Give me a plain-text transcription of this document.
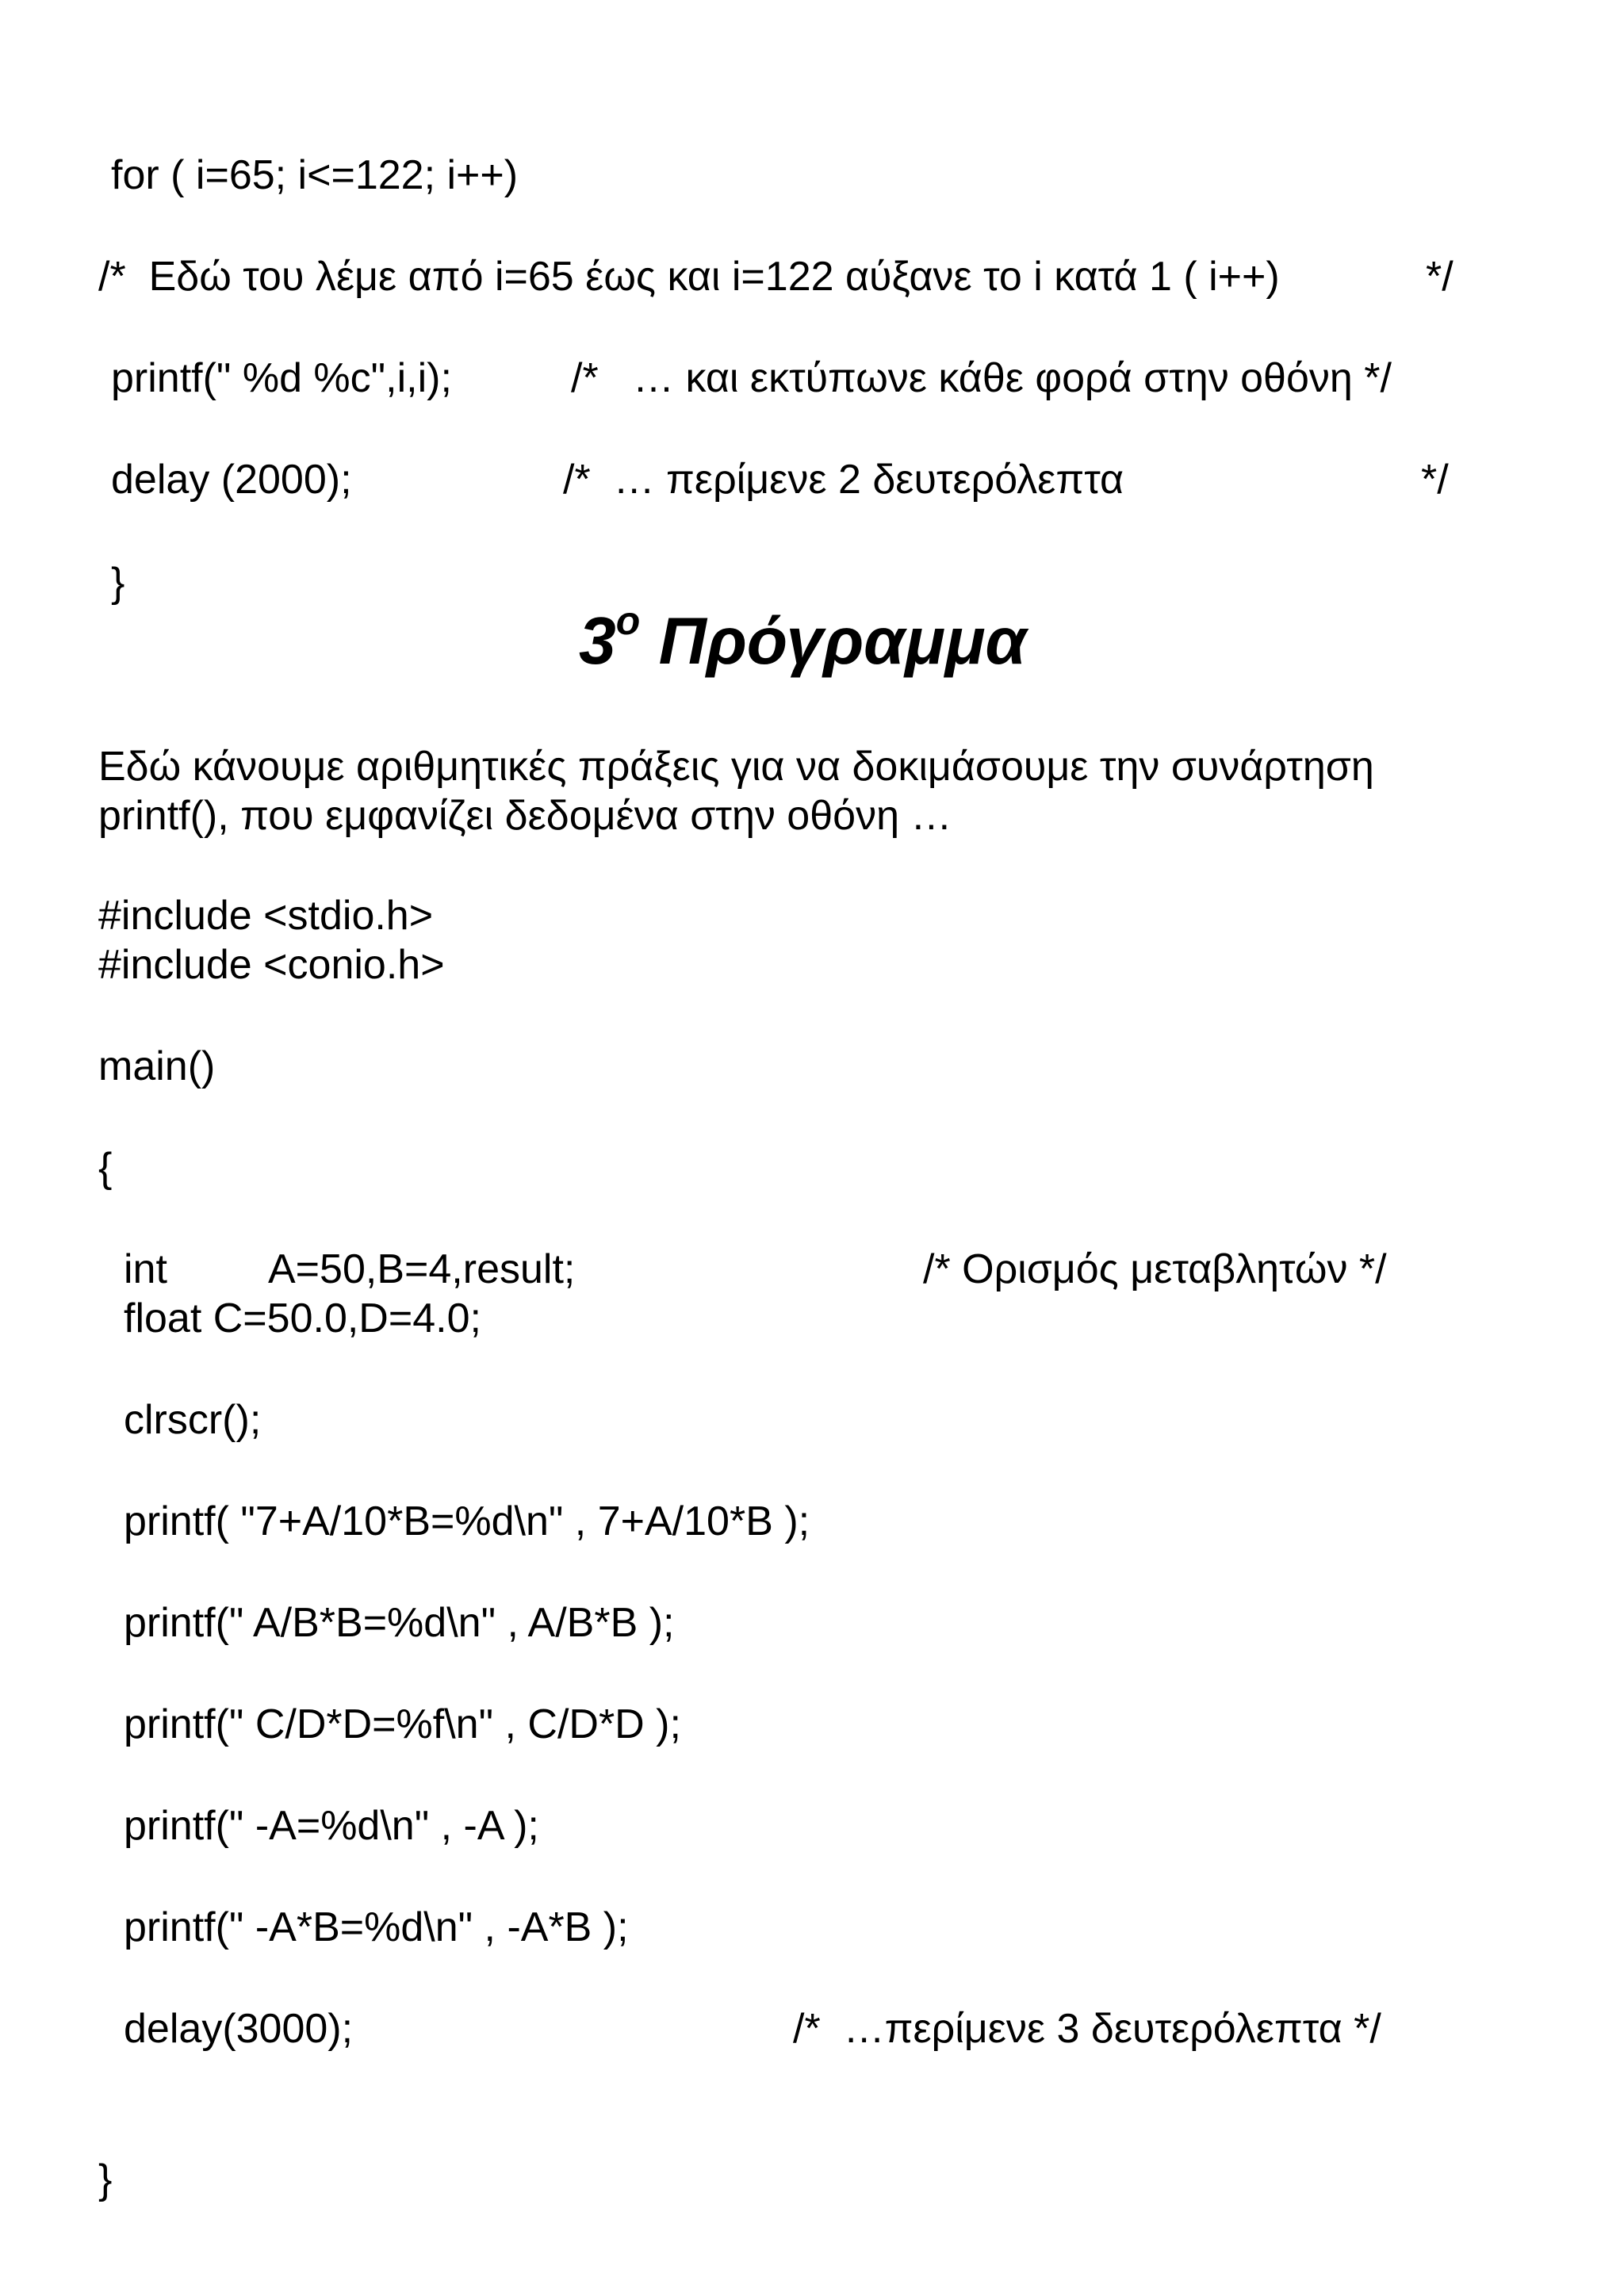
for ( i=65; i<=122; i++)
/*  Εδώ του λέμε από i=65 έως και i=122 αύξανε το i κατά 1 ( i++)	*/
printf(" %d %c",i,i);	/*   … και εκτύπωνε κάθε φορά στην οθόνη */
delay (2000);	/*  … περίμενε 2 δευτερόλεπτα	*/
}
$3^o$ Πρόγραμμα
Εδώ κάνουμε αριθμητικές πράξεις για να δοκιμάσουμε την συνάρτηση
printf(), που εμφανίζει δεδομένα στην οθόνη …
#include <stdio.h>
#include <conio.h>
main()
{
int A=50,B=4,result;	/* Ορισμός μεταβλητών */
float C=50.0,D=4.0;
clrscr();
printf( "7+A/10*B=%d\n" , 7+A/10*B );
printf(" A/B*B=%d\n" , A/B*B );
printf(" C/D*D=%f\n" , C/D*D );
printf(" -A=%d\n" , -A );
printf(" -A*B=%d\n" , -A*B );
delay(3000);	/*  …περίμενε 3 δευτερόλεπτα */
}
